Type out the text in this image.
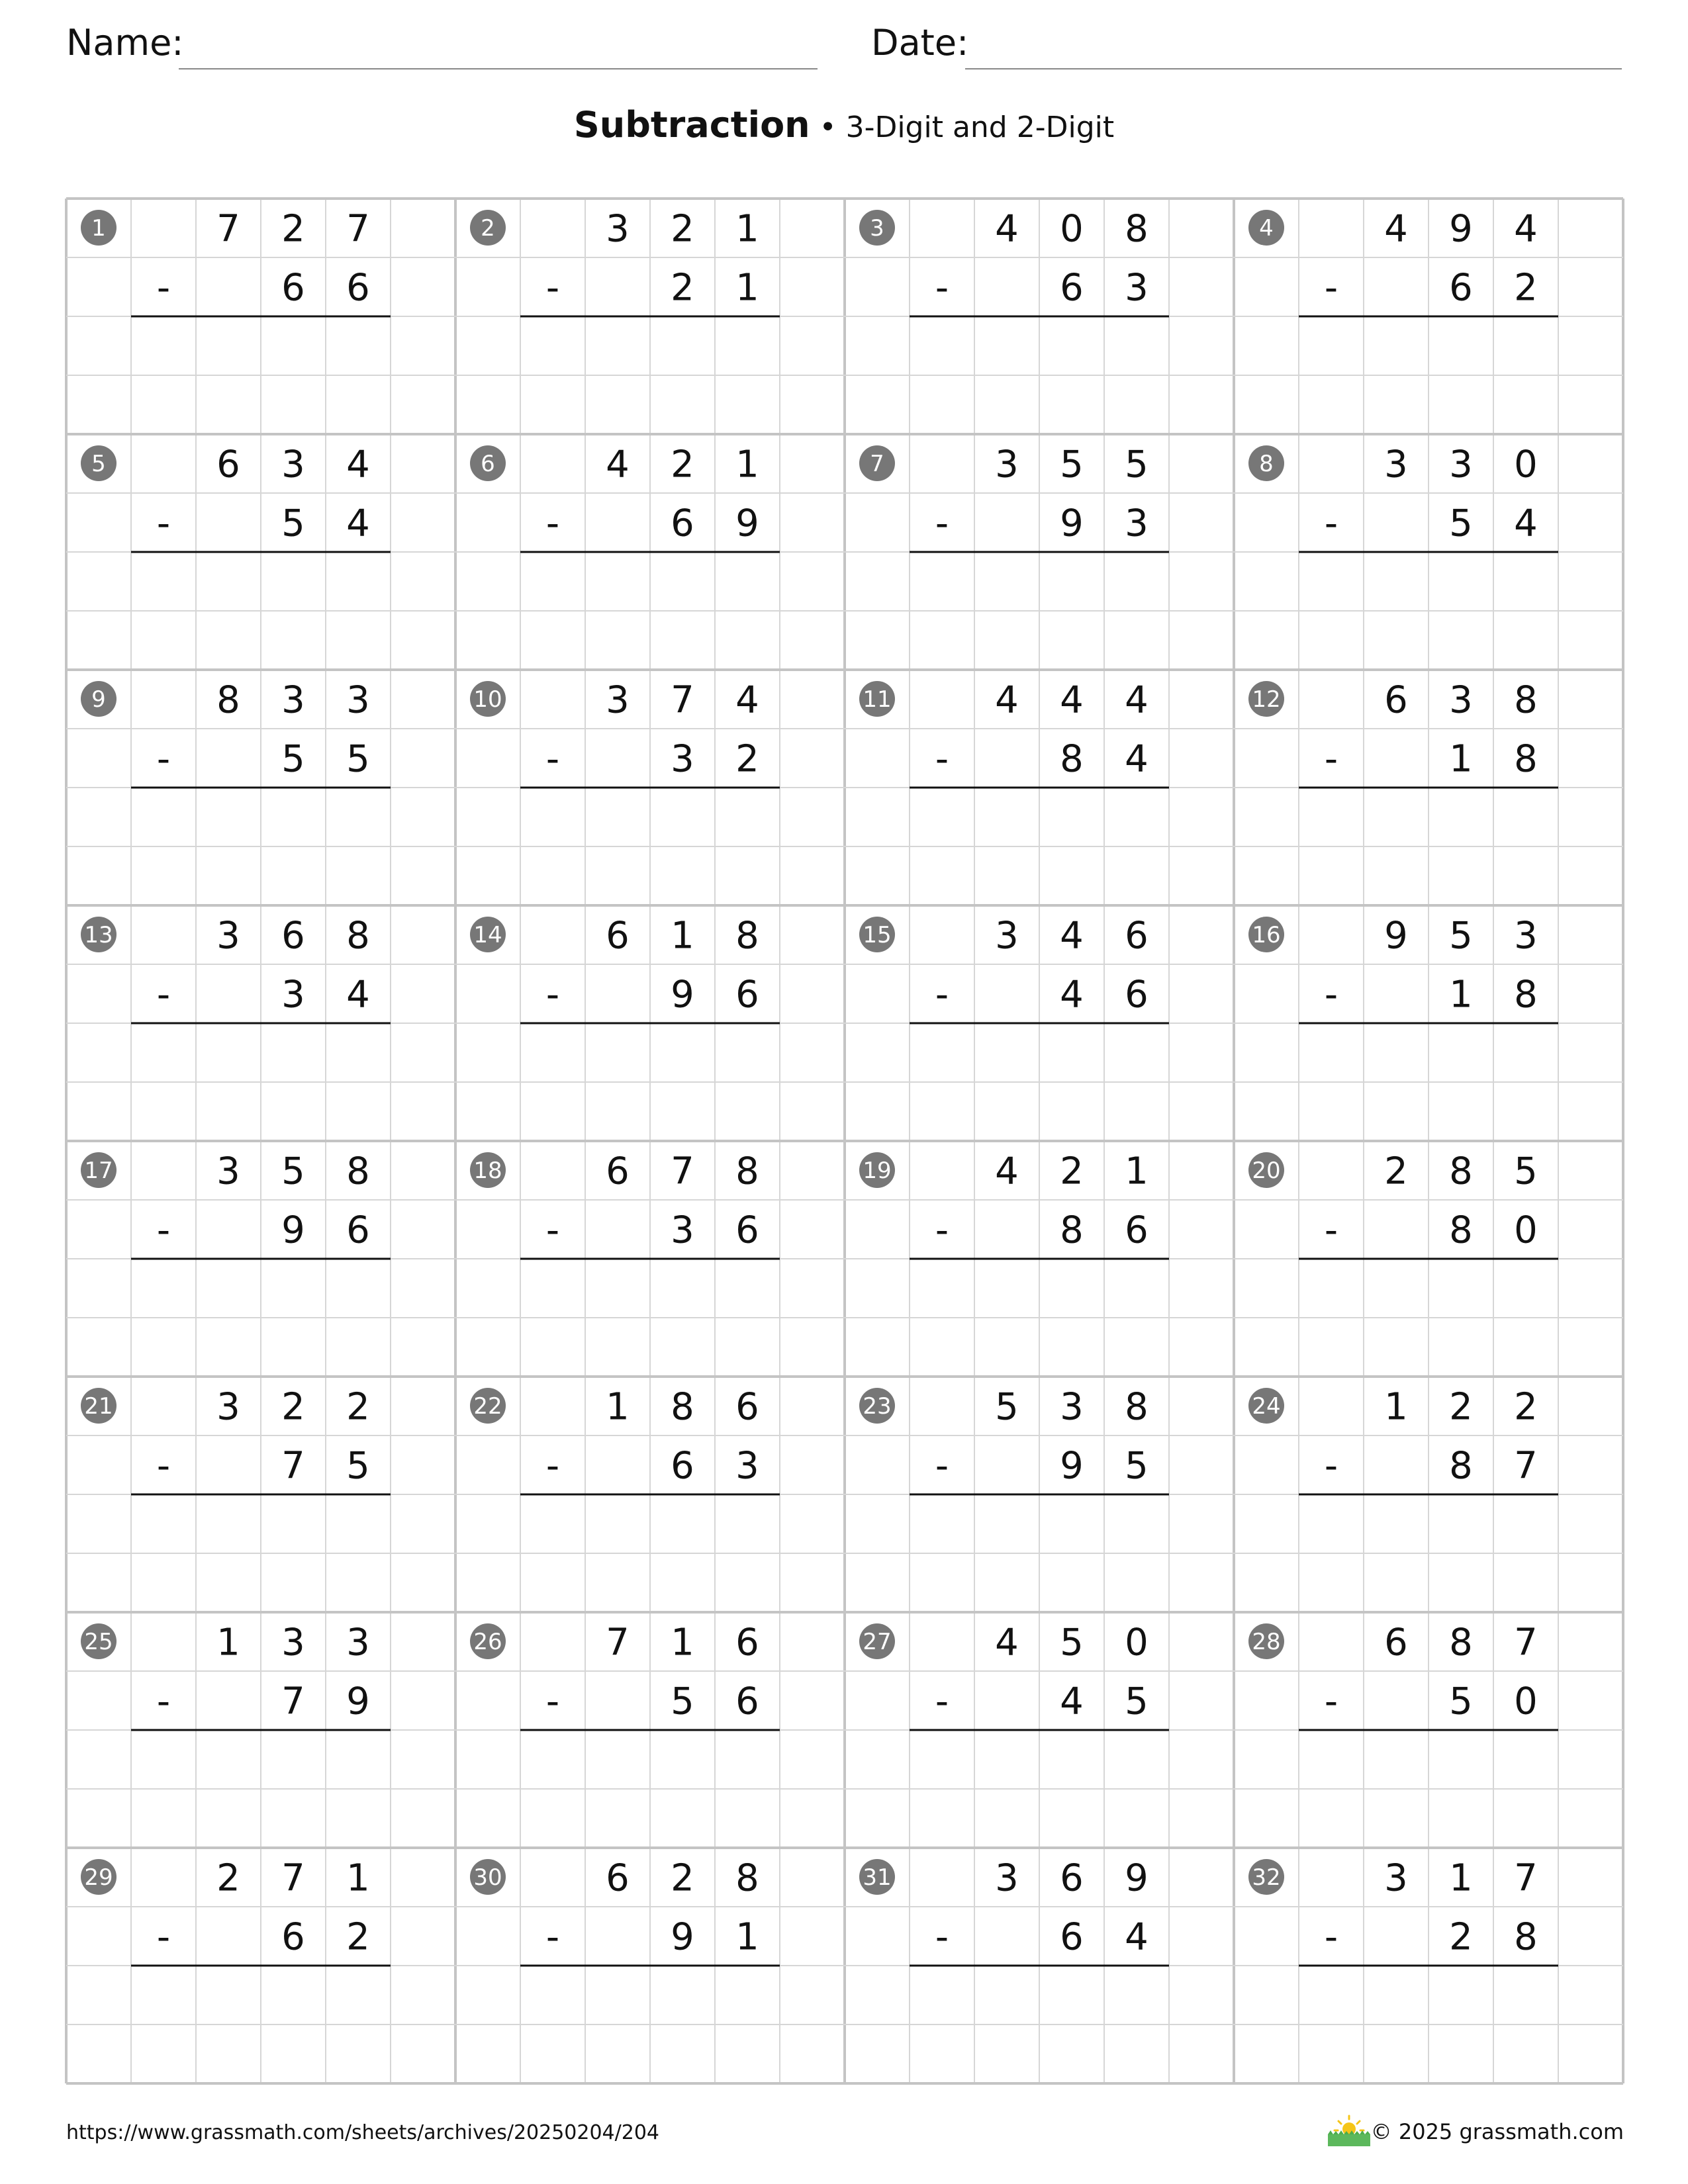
Name:	Date:
Subtraction • 3-Digit and 2-Digit
1	7 2 7
-	6 6
2	3 2 1
-	2 1
3	4 0 8
-	6 3
4	4 9 4
-	6 2
5	6 3 4
-	5 4
6	4 2 1
-	6 9
7	3 5 5
-	9 3
8	3 3 0
-	5 4
9	8 3 3
-	5 5
10	3 7 4
-	3 2
11	4 4 4
-	8 4
12	6 3 8
-	1 8
13	3 6 8
-	3 4
14	6 1 8
-	9 6
15	3 4 6
-	4 6
16	9 5 3
-	1 8
17	3 5 8
-	9 6
18	6 7 8
-	3 6
19	4 2 1
-	8 6
20	2 8 5
-	8 0
21	3 2 2
-	7 5
22	1 8 6
-	6 3
23	5 3 8
-	9 5
24	1 2 2
-	8 7
25	1 3 3
-	7 9
26	7 1 6
-	5 6
27	4 5 0
-	4 5
28	6 8 7
-	5 0
29	2 7 1
-	6 2
30	6 2 8
-	9 1
31	3 6 9
-	6 4
32	3 1 7
-	2 8
https://www.grassmath.com/sheets/archives/20250204/204	© 2025 grassmath.com
